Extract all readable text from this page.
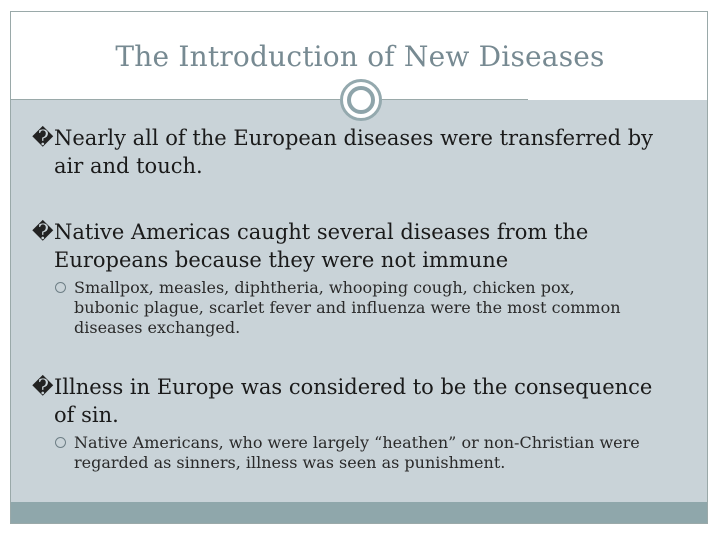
The Introduction of New Diseases

� Nearly all of the European diseases were transferred by
air and touch.

� Native Americas caught several diseases from the
Europeans because they were not immune

Smallpox, measles, diphtheria, whooping cough, chicken pox,
bubonic plague, scarlet fever and influenza were the most common
diseases exchanged.

� Illness in Europe was considered to be the consequence
of sin.

Native Americans, who were largely “heathen” or non-Christian were
regarded as sinners, illness was seen as punishment.
